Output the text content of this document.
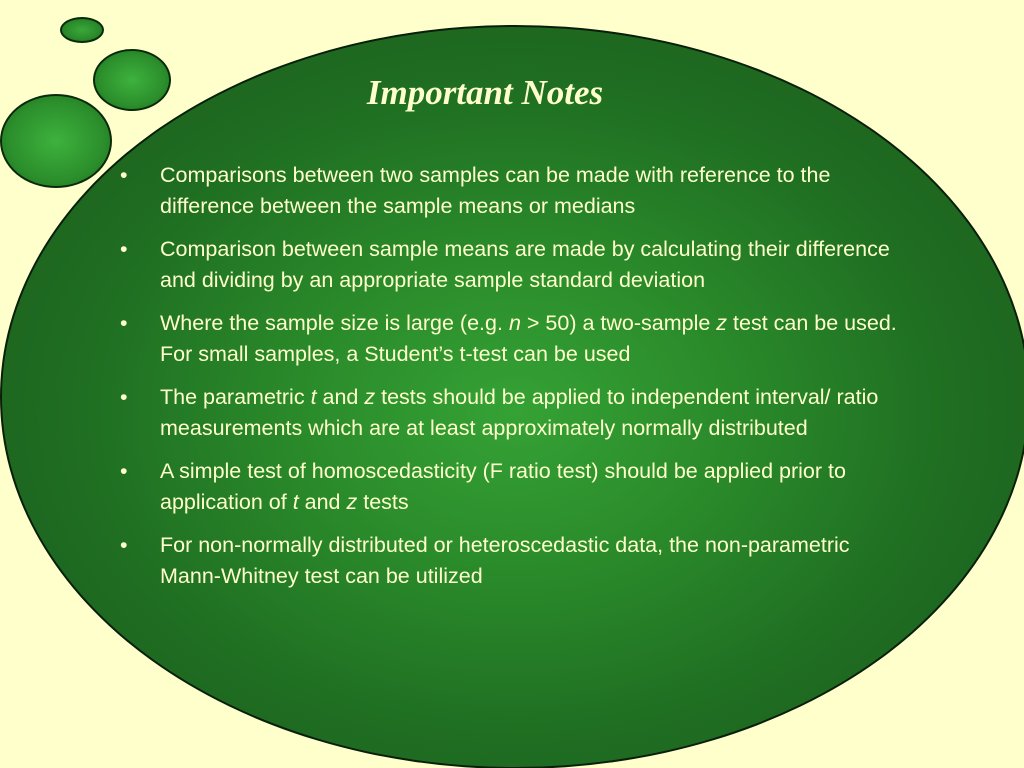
Important Notes
•	Comparisons between two samples can be made with reference to the difference between the sample means or medians
•	Comparison between sample means are made by calculating their difference and dividing by an appropriate sample standard deviation
•	Where the sample size is large (e.g. n > 50) a two-sample z test can be used. For small samples, a Student’s t-test can be used
•	The parametric t and z tests should be applied to independent interval/ ratio measurements which are at least approximately normally distributed
•	A simple test of homoscedasticity (F ratio test) should be applied prior to application of t and z tests
•	For non-normally distributed or heteroscedastic data, the non-parametric Mann-Whitney test can be utilized
